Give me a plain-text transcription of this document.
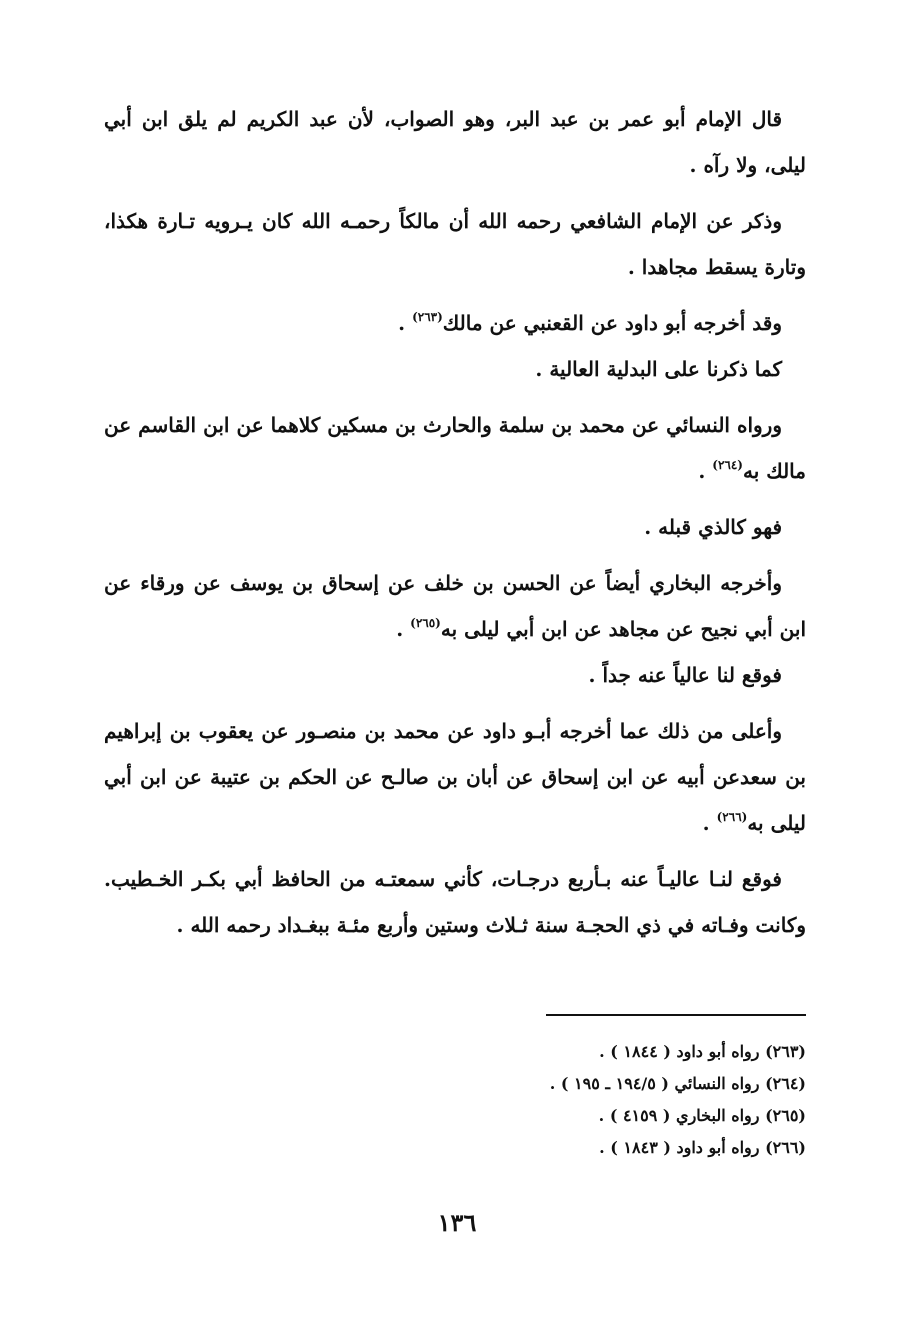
قال الإمام أبو عمر بن عبد البر، وهو الصواب، لأن عبد الكريم لم يلق ابن أبي ليلى، ولا رآه .

وذكر عن الإمام الشافعي رحمه الله أن مالكاً رحمـه الله كان يـرويه تـارة هكذا، وتارة يسقط مجاهدا .

وقد أخرجه أبو داود عن القعنبي عن مالك$^{(٢٦٣)}$ .

كما ذكرنا على البدلية العالية .

ورواه النسائي عن محمد بن سلمة والحارث بن مسكين كلاهما عن ابن القاسم عن مالك به$^{(٢٦٤)}$ .

فهو كالذي قبله .

وأخرجه البخاري أيضاً عن الحسن بن خلف عن إسحاق بن يوسف عن ورقاء عن ابن أبي نجيح عن مجاهد عن ابن أبي ليلى به$^{(٢٦٥)}$ .

فوقع لنا عالياً عنه جداً .

وأعلى من ذلك عما أخرجه أبـو داود عن محمد بن منصـور عن يعقوب بن إبراهيم بن سعدعن أبيه عن ابن إسحاق عن أبان بن صالـح عن الحكم بن عتيبة عن ابن أبي ليلى به$^{(٢٦٦)}$ .

فوقع لنـا عاليـاً عنه بـأربع درجـات، كأني سمعتـه من الحافظ أبي بكـر الخـطيب. وكانت وفـاته في ذي الحجـة سنة ثـلاث وستين وأربع مئـة ببغـداد رحمه الله .

(٢٦٣) رواه أبو داود ( ١٨٤٤ ) .
(٢٦٤) رواه النسائي ( ١٩٤/٥ ـ ١٩٥ ) .
(٢٦٥) رواه البخاري ( ٤١٥٩ ) .
(٢٦٦) رواه أبو داود ( ١٨٤٣ ) .
١٣٦
